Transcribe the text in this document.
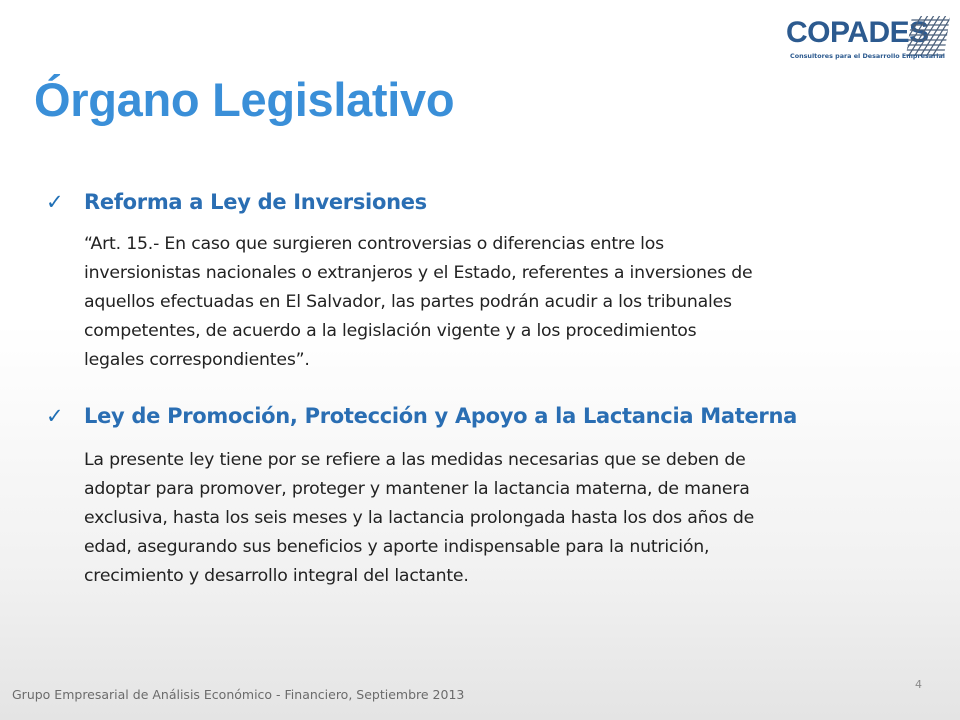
COPADES
Consultores para el Desarrollo Empresarial
Órgano Legislativo
✓ Reforma a Ley de Inversiones
“Art. 15.- En caso que surgieren controversias o diferencias entre los
inversionistas nacionales o extranjeros y el Estado, referentes a inversiones de
aquellos efectuadas en El Salvador, las partes podrán acudir a los tribunales
competentes, de acuerdo a la legislación vigente y a los procedimientos
legales correspondientes”.
✓ Ley de Promoción, Protección y Apoyo a la Lactancia Materna
La presente ley tiene por se refiere a las medidas necesarias que se deben de
adoptar para promover, proteger y mantener la lactancia materna, de manera
exclusiva, hasta los seis meses y la lactancia prolongada hasta los dos años de
edad, asegurando sus beneficios y aporte indispensable para la nutrición,
crecimiento y desarrollo integral del lactante.
Grupo Empresarial de Análisis Económico - Financiero, Septiembre 2013
4
